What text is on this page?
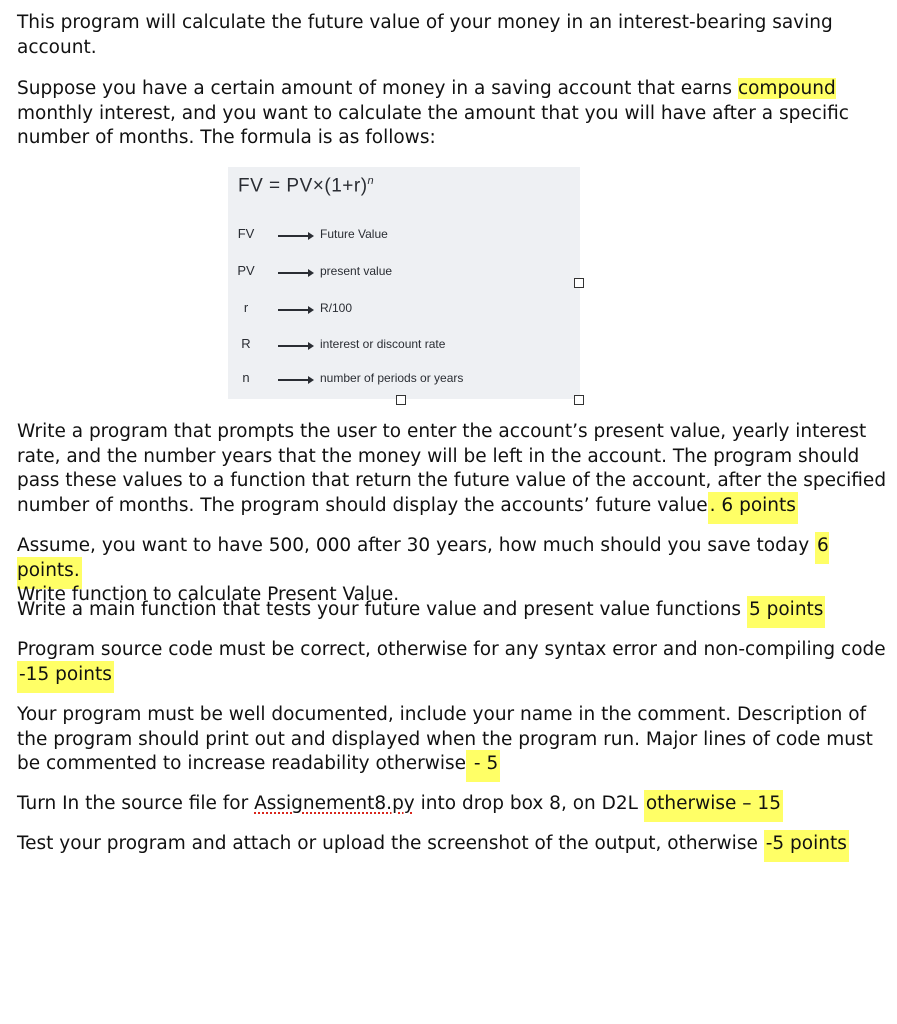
This program will calculate the future value of your money in an interest-bearing saving account.

Suppose you have a certain amount of money in a saving account that earns compound monthly interest, and you want to calculate the amount that you will have after a specific number of months. The formula is as follows:

FV = $PV\times(1+r)^n$
FV	Future Value
PV	present value
r	R/100
R	interest or discount rate
n	number of periods or years

Write a program that prompts the user to enter the account’s present value, yearly interest rate, and the number years that the money will be left in the account. The program should pass these values to a function that return the future value of the account, after the specified number of months. The program should display the accounts’ future value . 6 points

Assume, you want to have 500, 000 after 30 years, how much should you save today 6 points.
Write function to calculate Present Value.

Write a main function that tests your future value and present value functions 5 points

Program source code must be correct, otherwise for any syntax error and non-compiling code -15 points

Your program must be well documented, include your name in the comment. Description of the program should print out and displayed when the program run. Major lines of code must be commented to increase readability otherwise - 5

Turn In the source file for Assignement8.py into drop box 8, on D2L otherwise – 15

Test your program and attach or upload the screenshot of the output, otherwise -5 points
